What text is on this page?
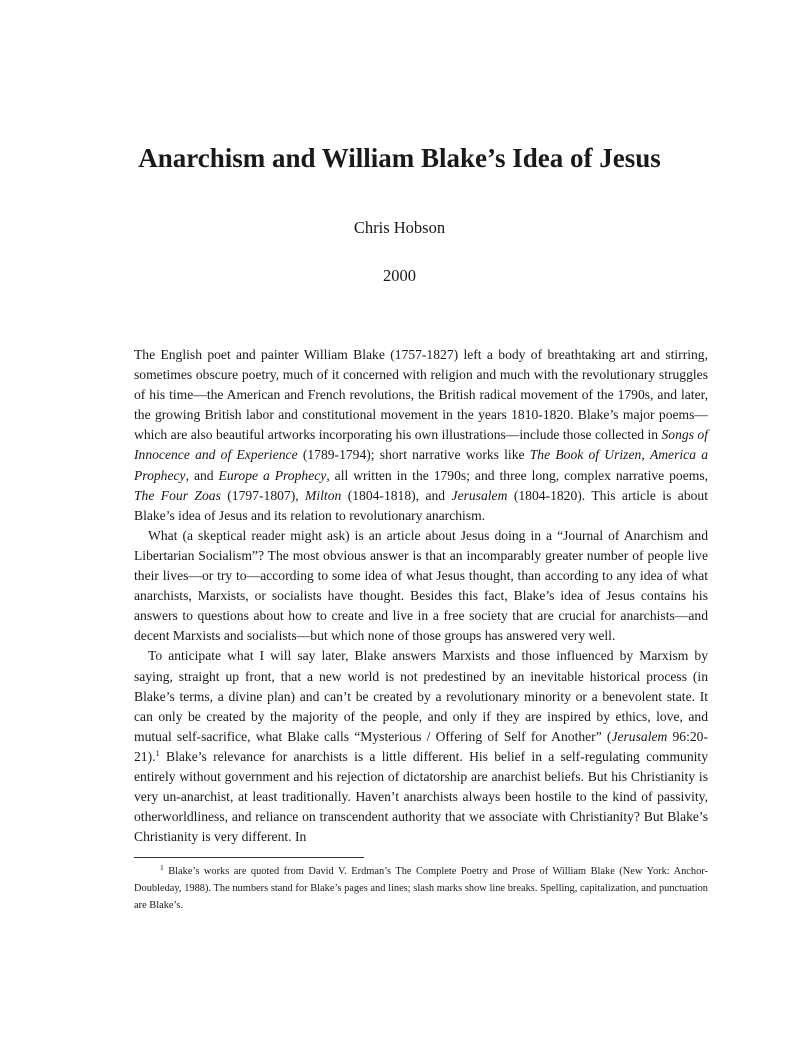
Anarchism and William Blake’s Idea of Jesus
Chris Hobson
2000

The English poet and painter William Blake (1757-1827) left a body of breathtaking art and stirring, sometimes obscure poetry, much of it concerned with religion and much with the revolutionary struggles of his time—the American and French revolutions, the British radical movement of the 1790s, and later, the growing British labor and constitutional movement in the years 1810-1820. Blake’s major poems—which are also beautiful artworks incorporating his own illustrations—include those collected in Songs of Innocence and of Experience (1789-1794); short narrative works like The Book of Urizen, America a Prophecy, and Europe a Prophecy, all written in the 1790s; and three long, complex narrative poems, The Four Zoas (1797-1807), Milton (1804-1818), and Jerusalem (1804-1820). This article is about Blake’s idea of Jesus and its relation to revolutionary anarchism.

What (a skeptical reader might ask) is an article about Jesus doing in a “Journal of Anarchism and Libertarian Socialism”? The most obvious answer is that an incomparably greater number of people live their lives—or try to—according to some idea of what Jesus thought, than according to any idea of what anarchists, Marxists, or socialists have thought. Besides this fact, Blake’s idea of Jesus contains his answers to questions about how to create and live in a free society that are crucial for anarchists—and decent Marxists and socialists—but which none of those groups has answered very well.

To anticipate what I will say later, Blake answers Marxists and those influenced by Marxism by saying, straight up front, that a new world is not predestined by an inevitable historical process (in Blake’s terms, a divine plan) and can’t be created by a revolutionary minority or a benevolent state. It can only be created by the majority of the people, and only if they are inspired by ethics, love, and mutual self-sacrifice, what Blake calls “Mysterious / Offering of Self for Another” (Jerusalem 96:20-21).$^1$ Blake’s relevance for anarchists is a little different. His belief in a self-regulating community entirely without government and his rejection of dictatorship are anarchist beliefs. But his Christianity is very un-anarchist, at least traditionally. Haven’t anarchists always been hostile to the kind of passivity, otherworldliness, and reliance on transcendent authority that we associate with Christianity? But Blake’s Christianity is very different. In

$^1$ Blake’s works are quoted from David V. Erdman’s The Complete Poetry and Prose of William Blake (New York: Anchor-Doubleday, 1988). The numbers stand for Blake’s pages and lines; slash marks show line breaks. Spelling, capitalization, and punctuation are Blake’s.
